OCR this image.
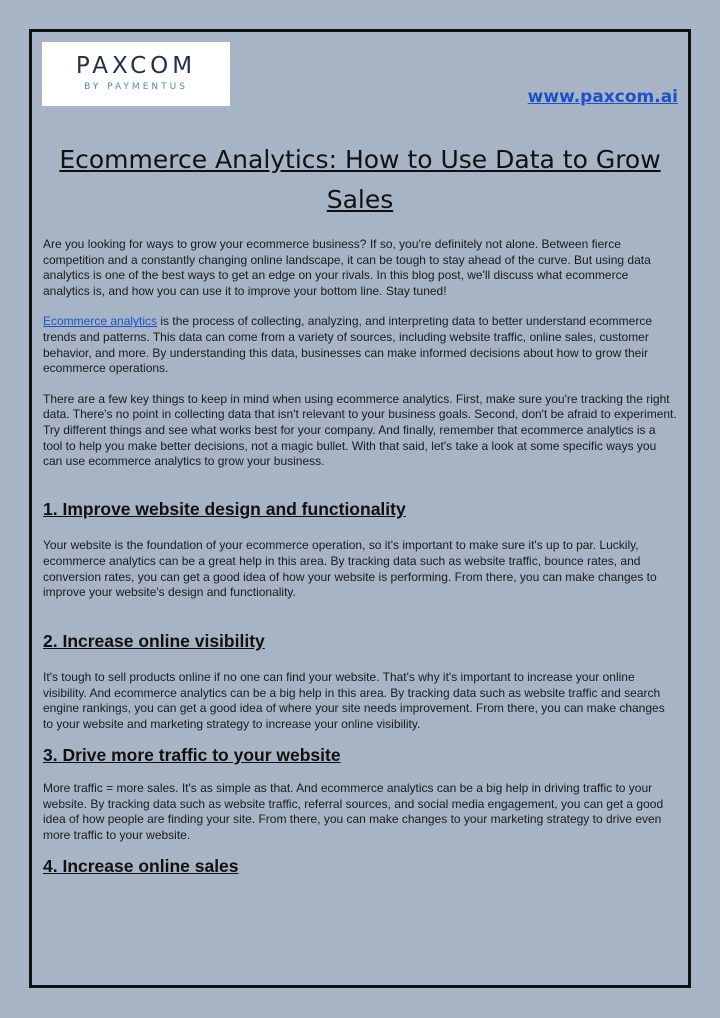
PAXCOM
BY PAYMENTUS	www.paxcom.ai
Ecommerce Analytics: How to Use Data to Grow Sales

Are you looking for ways to grow your ecommerce business? If so, you're definitely not alone. Between fierce competition and a constantly changing online landscape, it can be tough to stay ahead of the curve. But using data analytics is one of the best ways to get an edge on your rivals. In this blog post, we'll discuss what ecommerce analytics is, and how you can use it to improve your bottom line. Stay tuned!

Ecommerce analytics is the process of collecting, analyzing, and interpreting data to better understand ecommerce trends and patterns. This data can come from a variety of sources, including website traffic, online sales, customer behavior, and more. By understanding this data, businesses can make informed decisions about how to grow their ecommerce operations.

There are a few key things to keep in mind when using ecommerce analytics. First, make sure you're tracking the right data. There's no point in collecting data that isn't relevant to your business goals. Second, don't be afraid to experiment. Try different things and see what works best for your company. And finally, remember that ecommerce analytics is a tool to help you make better decisions, not a magic bullet. With that said, let's take a look at some specific ways you can use ecommerce analytics to grow your business.

1. Improve website design and functionality

Your website is the foundation of your ecommerce operation, so it's important to make sure it's up to par. Luckily, ecommerce analytics can be a great help in this area. By tracking data such as website traffic, bounce rates, and conversion rates, you can get a good idea of how your website is performing. From there, you can make changes to improve your website's design and functionality.

2. Increase online visibility

It's tough to sell products online if no one can find your website. That's why it's important to increase your online visibility. And ecommerce analytics can be a big help in this area. By tracking data such as website traffic and search engine rankings, you can get a good idea of where your site needs improvement. From there, you can make changes to your website and marketing strategy to increase your online visibility.

3. Drive more traffic to your website

More traffic = more sales. It's as simple as that. And ecommerce analytics can be a big help in driving traffic to your website. By tracking data such as website traffic, referral sources, and social media engagement, you can get a good idea of how people are finding your site. From there, you can make changes to your marketing strategy to drive even more traffic to your website.

4. Increase online sales
